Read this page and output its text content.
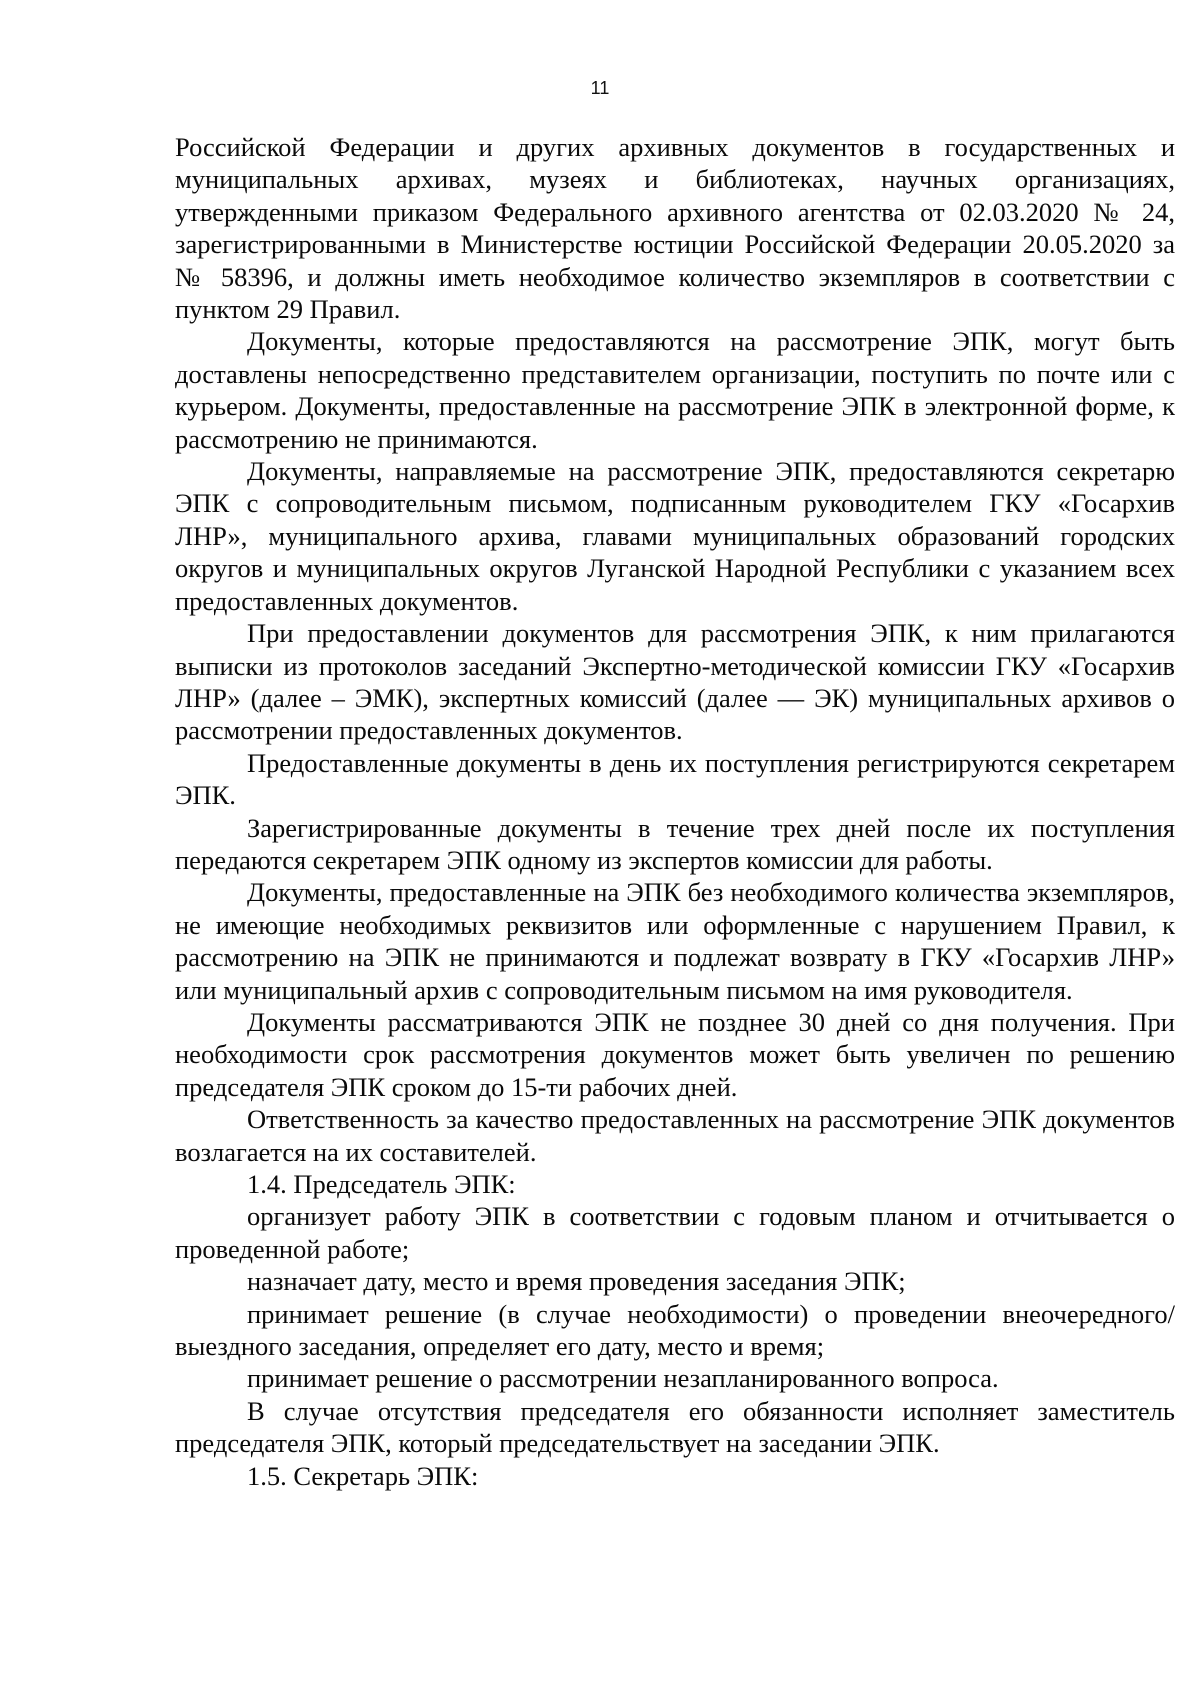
11

Российской Федерации и других архивных документов в государственных и муниципальных архивах, музеях и библиотеках, научных организациях, утвержденными приказом Федерального архивного агентства от 02.03.2020 № 24, зарегистрированными в Министерстве юстиции Российской Федерации 20.05.2020 за № 58396, и должны иметь необходимое количество экземпляров в соответствии с пунктом 29 Правил.

Документы, которые предоставляются на рассмотрение ЭПК, могут быть доставлены непосредственно представителем организации, поступить по почте или с курьером. Документы, предоставленные на рассмотрение ЭПК в электронной форме, к рассмотрению не принимаются.

Документы, направляемые на рассмотрение ЭПК, предоставляются секретарю ЭПК с сопроводительным письмом, подписанным руководителем ГКУ «Госархив ЛНР», муниципального архива, главами муниципальных образований городских округов и муниципальных округов Луганской Народной Республики с указанием всех предоставленных документов.

При предоставлении документов для рассмотрения ЭПК, к ним прилагаются выписки из протоколов заседаний Экспертно-методической комиссии ГКУ «Госархив ЛНР» (далее – ЭМК), экспертных комиссий (далее — ЭК) муниципальных архивов о рассмотрении предоставленных документов.

Предоставленные документы в день их поступления регистрируются секретарем ЭПК.

Зарегистрированные документы в течение трех дней после их поступления передаются секретарем ЭПК одному из экспертов комиссии для работы.

Документы, предоставленные на ЭПК без необходимого количества экземпляров, не имеющие необходимых реквизитов или оформленные с нарушением Правил, к рассмотрению на ЭПК не принимаются и подлежат возврату в ГКУ «Госархив ЛНР» или муниципальный архив с сопроводительным письмом на имя руководителя.

Документы рассматриваются ЭПК не позднее 30 дней со дня получения. При необходимости срок рассмотрения документов может быть увеличен по решению председателя ЭПК сроком до 15-ти рабочих дней.

Ответственность за качество предоставленных на рассмотрение ЭПК документов возлагается на их составителей.

1.4. Председатель ЭПК:

организует работу ЭПК в соответствии с годовым планом и отчитывается о проведенной работе;

назначает дату, место и время проведения заседания ЭПК;

принимает решение (в случае необходимости) о проведении внеочередного/выездного заседания, определяет его дату, место и время;

принимает решение о рассмотрении незапланированного вопроса.

В случае отсутствия председателя его обязанности исполняет заместитель председателя ЭПК, который председательствует на заседании ЭПК.

1.5. Секретарь ЭПК:
